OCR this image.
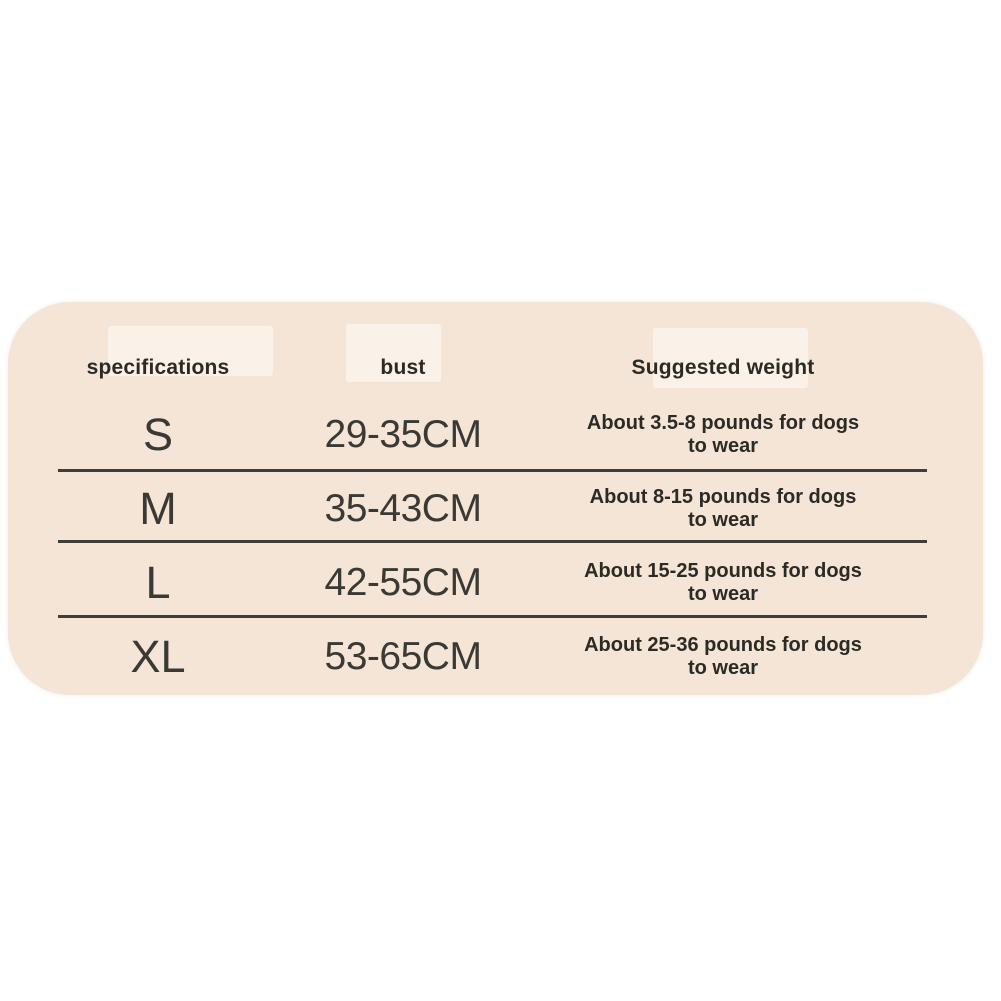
specifications	bust	Suggested weight
S	29-35CM	About 3.5-8 pounds for dogs
to wear
M	35-43CM	About 8-15 pounds for dogs
to wear
L	42-55CM	About 15-25 pounds for dogs
to wear
XL	53-65CM	About 25-36 pounds for dogs
to wear
